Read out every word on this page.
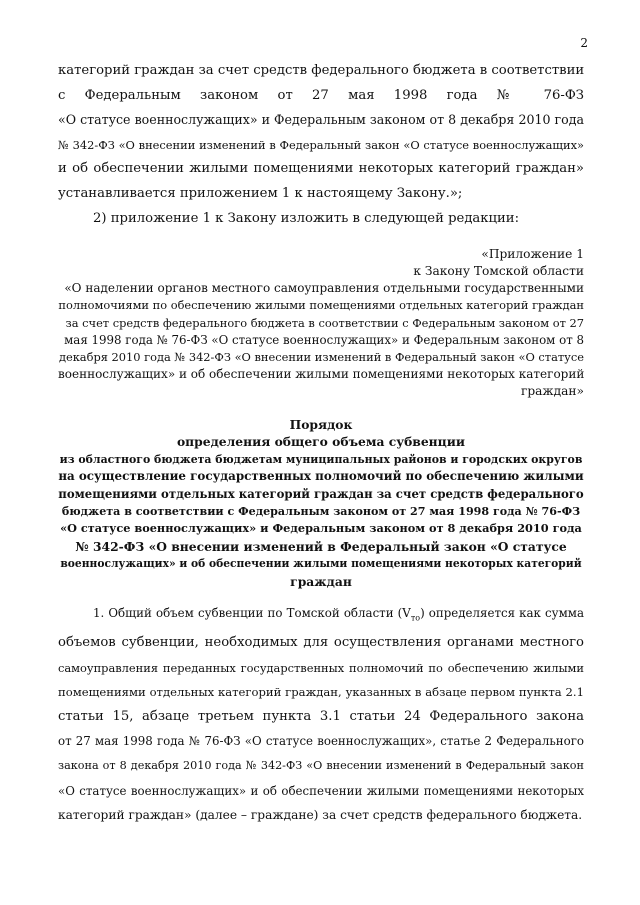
2
категорий граждан за счет средств федерального бюджета в соответствии
с Федеральным законом от 27 мая 1998 года № 76-ФЗ
«О статусе военнослужащих» и Федеральным законом от 8 декабря 2010 года
№ 342-ФЗ «О внесении изменений в Федеральный закон «О статусе военнослужащих»
и об обеспечении жилыми помещениями некоторых категорий граждан»
устанавливается приложением 1 к настоящему Закону.»;
2) приложение 1 к Закону изложить в следующей редакции:
«Приложение 1
к Закону Томской области
«О наделении органов местного самоуправления отдельными государственными
полномочиями по обеспечению жилыми помещениями отдельных категорий граждан
за счет средств федерального бюджета в соответствии с Федеральным законом от 27
мая 1998 года № 76-ФЗ «О статусе военнослужащих» и Федеральным законом от 8
декабря 2010 года № 342-ФЗ «О внесении изменений в Федеральный закон «О статусе
военнослужащих» и об обеспечении жилыми помещениями некоторых категорий
граждан»
Порядок
определения общего объема субвенции
из областного бюджета бюджетам муниципальных районов и городских округов
на осуществление государственных полномочий по обеспечению жилыми
помещениями отдельных категорий граждан за счет средств федерального
бюджета в соответствии с Федеральным законом от 27 мая 1998 года № 76-ФЗ
«О статусе военнослужащих» и Федеральным законом от 8 декабря 2010 года
№ 342-ФЗ «О внесении изменений в Федеральный закон «О статусе
военнослужащих» и об обеспечении жилыми помещениями некоторых категорий
граждан
1. Общий объем субвенции по Томской области $(V_{то})$ определяется как сумма
объемов субвенции, необходимых для осуществления органами местного
самоуправления переданных государственных полномочий по обеспечению жилыми
помещениями отдельных категорий граждан, указанных в абзаце первом пункта 2.1
статьи 15, абзаце третьем пункта 3.1 статьи 24 Федерального закона
от 27 мая 1998 года № 76-ФЗ «О статусе военнослужащих», статье 2 Федерального
закона от 8 декабря 2010 года № 342-ФЗ «О внесении изменений в Федеральный закон
«О статусе военнослужащих» и об обеспечении жилыми помещениями некоторых
категорий граждан» (далее – граждане) за счет средств федерального бюджета.
